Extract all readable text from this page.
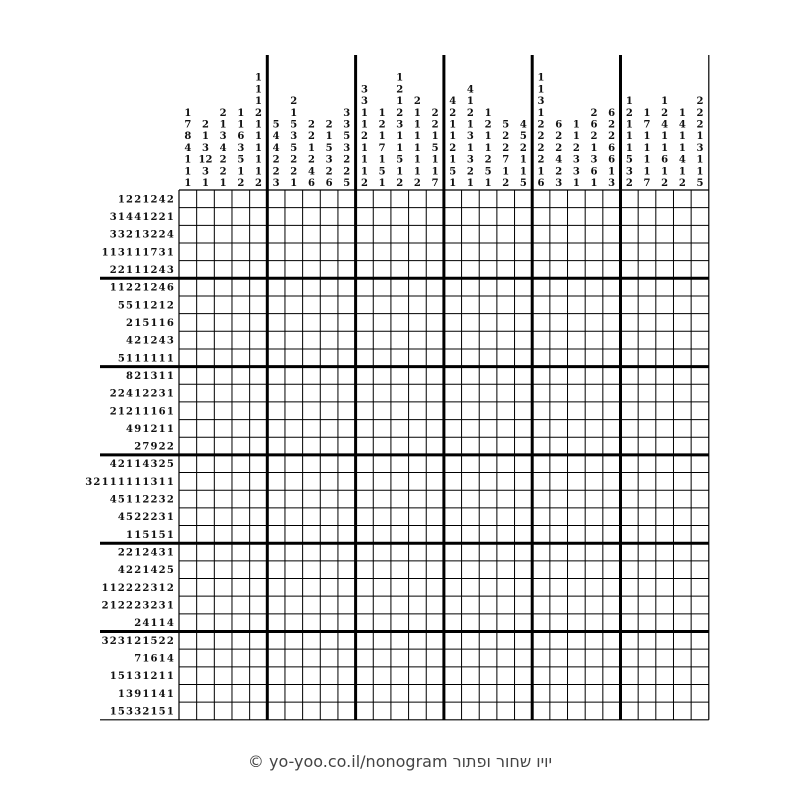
1
7
8
4
1
1
1
2
1
3
12
3
1
2
1
3
4
2
2
1
1
1
6
3
5
1
2
1
1
1
2
1
1
1
1
1
2
5
4
4
2
2
3
2
1
5
3
5
2
2
1
2
2
1
2
4
6
2
1
5
3
2
6
3
3
5
3
2
2
5
3
3
1
1
2
1
1
1
2
1
2
1
7
1
5
1
1
2
1
2
3
1
1
5
1
2
2
1
1
1
1
1
1
2
2
2
1
5
1
1
7
4
2
1
1
2
1
5
1
4
1
2
1
3
1
3
2
1
1
2
1
1
2
5
1
5
2
2
7
1
2
4
5
2
1
1
5
1
1
3
1
2
2
2
2
1
6
6
2
2
4
2
3
1
1
2
3
3
1
2
6
2
1
3
6
1
6
2
2
6
6
1
3
1
2
1
1
1
5
3
2
1
7
1
1
1
1
7
1
2
4
1
1
6
1
2
1
4
1
1
4
1
2
2
2
2
1
3
1
1
5
1221242
31441221
33213224
113111731
22111243
11221246
5511212
215116
421243
5111111
821311
22412231
21211161
491211
27922
42114325
32111111311
45112232
4522231
115151
2212431
4221425
112222312
212223231
24114
323121522
71614
15131211
1391141
15332151
© yo-yoo.co.il/nonogram יויו שחור ופתור
